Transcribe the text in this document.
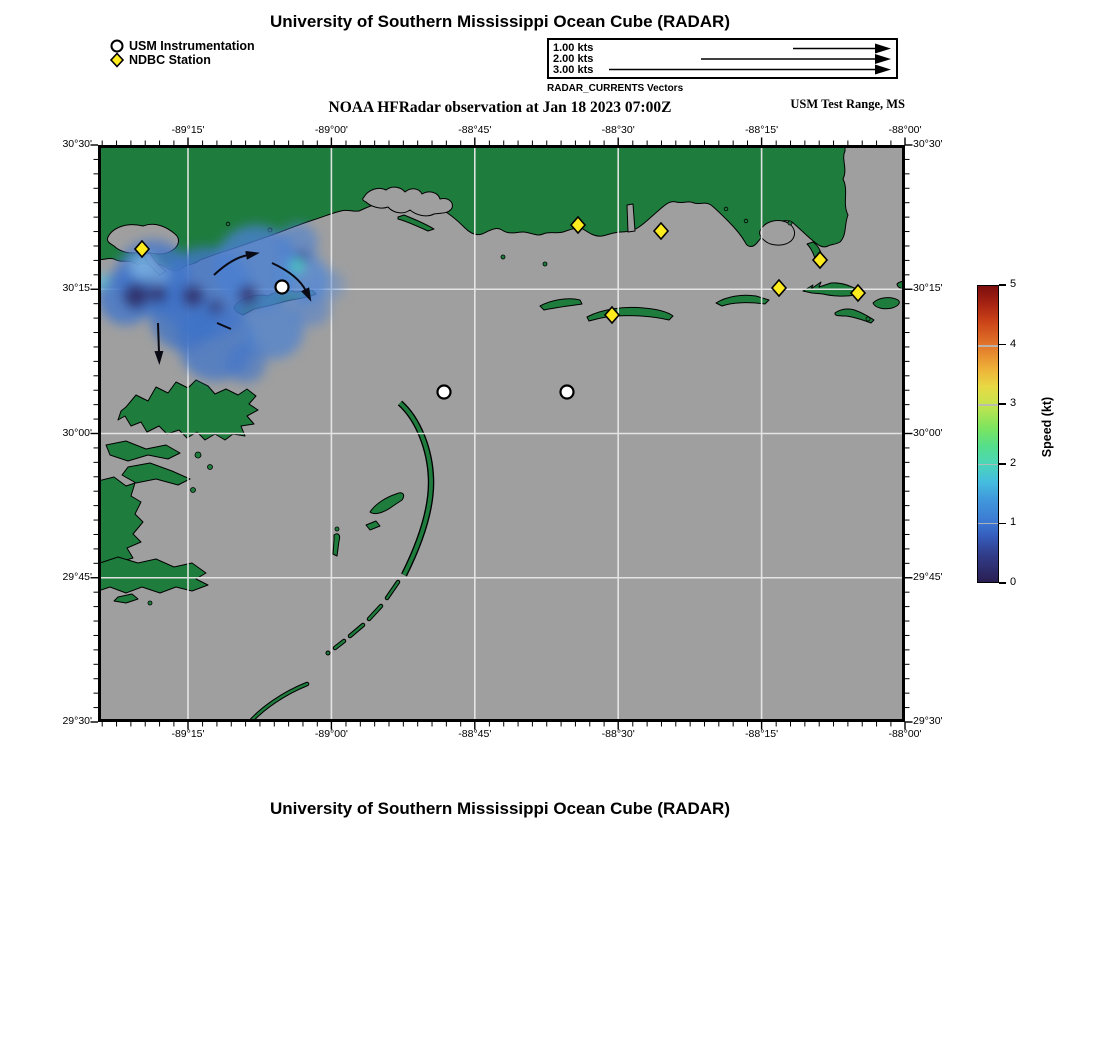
University of Southern Mississippi Ocean Cube (RADAR)
USM Instrumentation
NDBC Station
1.00 kts
2.00 kts
3.00 kts
RADAR_CURRENTS Vectors
NOAA HFRadar observation at Jan 18 2023 07:00Z	USM Test Range, MS
Speed (kt)
University of Southern Mississippi Ocean Cube (RADAR)
-89°15'
-89°15'
-89°00'
-89°00'
-88°45'
-88°45'
-88°30'
-88°30'
-88°15'
-88°15'
-88°00'
-88°00'
30°30'	30°30'
30°15'	30°15'
30°00'	30°00'
29°45'	29°45'
29°30'	29°30'
5
4
3
2
1
0
